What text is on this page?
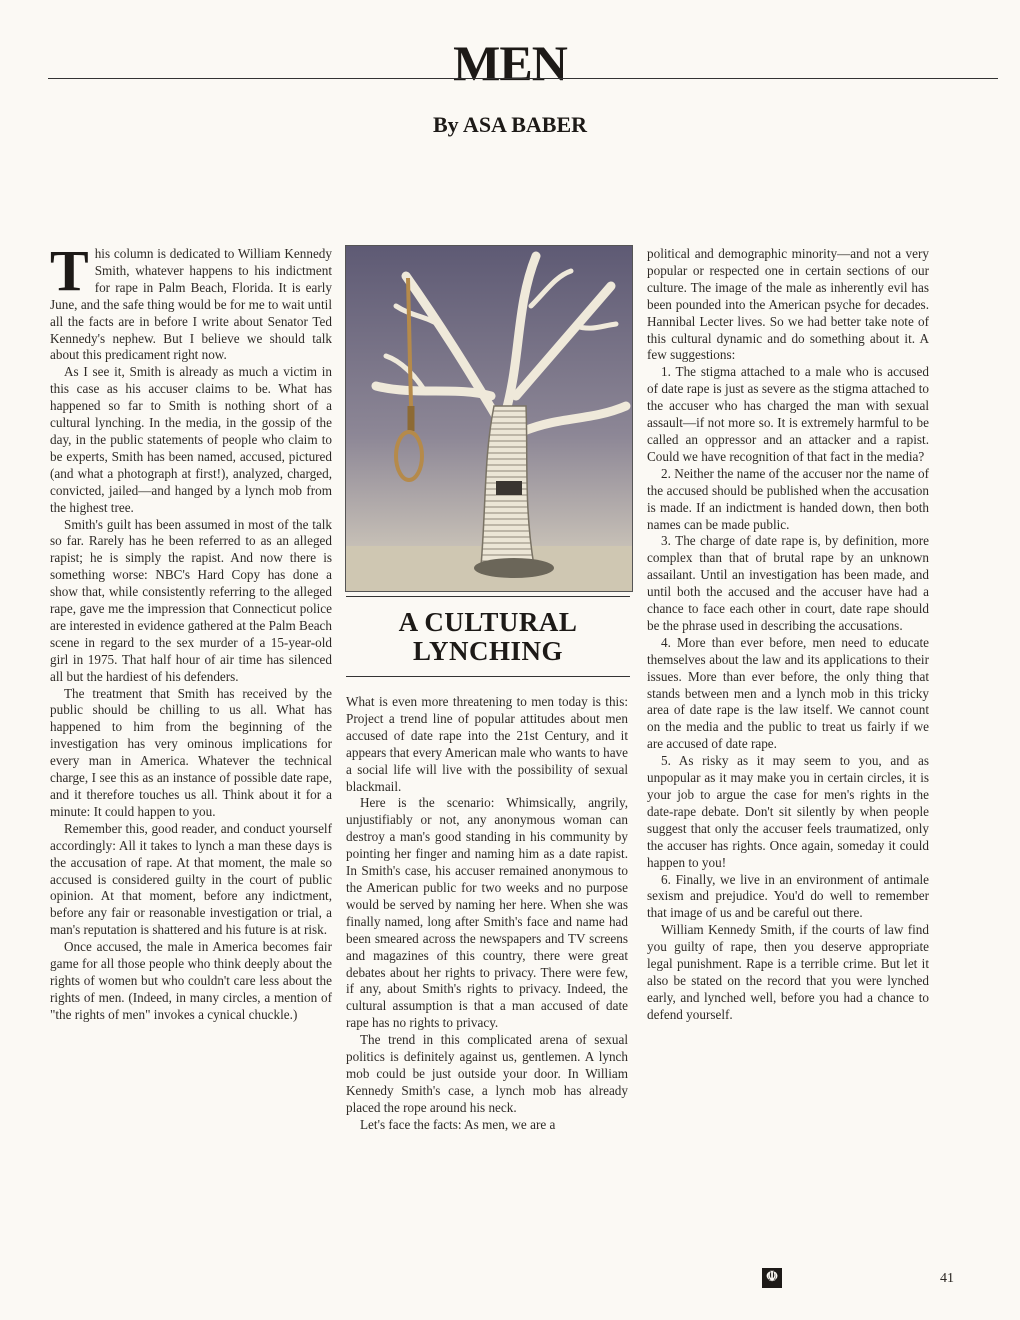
MEN
By ASA BABER

This column is dedicated to William Kennedy Smith, whatever happens to his indictment for rape in Palm Beach, Florida. It is early June, and the safe thing would be for me to wait until all the facts are in before I write about Senator Ted Kennedy's nephew. But I believe we should talk about this predicament right now.

As I see it, Smith is already as much a victim in this case as his accuser claims to be. What has happened so far to Smith is nothing short of a cultural lynching. In the media, in the gossip of the day, in the public statements of people who claim to be experts, Smith has been named, accused, pictured (and what a photograph at first!), analyzed, charged, convicted, jailed—and hanged by a lynch mob from the highest tree.

Smith's guilt has been assumed in most of the talk so far. Rarely has he been referred to as an alleged rapist; he is simply the rapist. And now there is something worse: NBC's Hard Copy has done a show that, while consistently referring to the alleged rape, gave me the impression that Connecticut police are interested in evidence gathered at the Palm Beach scene in regard to the sex murder of a 15-year-old girl in 1975. That half hour of air time has silenced all but the hardiest of his defenders.

The treatment that Smith has received by the public should be chilling to us all. What has happened to him from the beginning of the investigation has very ominous implications for every man in America. Whatever the technical charge, I see this as an instance of possible date rape, and it therefore touches us all. Think about it for a minute: It could happen to you.

Remember this, good reader, and conduct yourself accordingly: All it takes to lynch a man these days is the accusation of rape. At that moment, the male so accused is considered guilty in the court of public opinion. At that moment, before any indictment, before any fair or reasonable investigation or trial, a man's reputation is shattered and his future is at risk.

Once accused, the male in America becomes fair game for all those people who think deeply about the rights of women but who couldn't care less about the rights of men. (Indeed, in many circles, a mention of "the rights of men" invokes a cynical chuckle.)

A CULTURAL
LYNCHING

What is even more threatening to men today is this: Project a trend line of popular attitudes about men accused of date rape into the 21st Century, and it appears that every American male who wants to have a social life will live with the possibility of sexual blackmail.

Here is the scenario: Whimsically, angrily, unjustifiably or not, any anonymous woman can destroy a man's good standing in his community by pointing her finger and naming him as a date rapist. In Smith's case, his accuser remained anonymous to the American public for two weeks and no purpose would be served by naming her here. When she was finally named, long after Smith's face and name had been smeared across the newspapers and TV screens and magazines of this country, there were great debates about her rights to privacy. There were few, if any, about Smith's rights to privacy. Indeed, the cultural assumption is that a man accused of date rape has no rights to privacy.

The trend in this complicated arena of sexual politics is definitely against us, gentlemen. A lynch mob could be just outside your door. In William Kennedy Smith's case, a lynch mob has already placed the rope around his neck.

Let's face the facts: As men, we are a

political and demographic minority—and not a very popular or respected one in certain sections of our culture. The image of the male as inherently evil has been pounded into the American psyche for decades. Hannibal Lecter lives. So we had better take note of this cultural dynamic and do something about it. A few suggestions:

1. The stigma attached to a male who is accused of date rape is just as severe as the stigma attached to the accuser who has charged the man with sexual assault—if not more so. It is extremely harmful to be called an oppressor and an attacker and a rapist. Could we have recognition of that fact in the media?

2. Neither the name of the accuser nor the name of the accused should be published when the accusation is made. If an indictment is handed down, then both names can be made public.

3. The charge of date rape is, by definition, more complex than that of brutal rape by an unknown assailant. Until an investigation has been made, and until both the accused and the accuser have had a chance to face each other in court, date rape should be the phrase used in describing the accusations.

4. More than ever before, men need to educate themselves about the law and its applications to their issues. More than ever before, the only thing that stands between men and a lynch mob in this tricky area of date rape is the law itself. We cannot count on the media and the public to treat us fairly if we are accused of date rape.

5. As risky as it may seem to you, and as unpopular as it may make you in certain circles, it is your job to argue the case for men's rights in the date-rape debate. Don't sit silently by when people suggest that only the accuser feels traumatized, only the accuser has rights. Once again, someday it could happen to you!

6. Finally, we live in an environment of antimale sexism and prejudice. You'd do well to remember that image of us and be careful out there.

William Kennedy Smith, if the courts of law find you guilty of rape, then you deserve appropriate legal punishment. Rape is a terrible crime. But let it also be stated on the record that you were lynched early, and lynched well, before you had a chance to defend yourself.

☫	41
